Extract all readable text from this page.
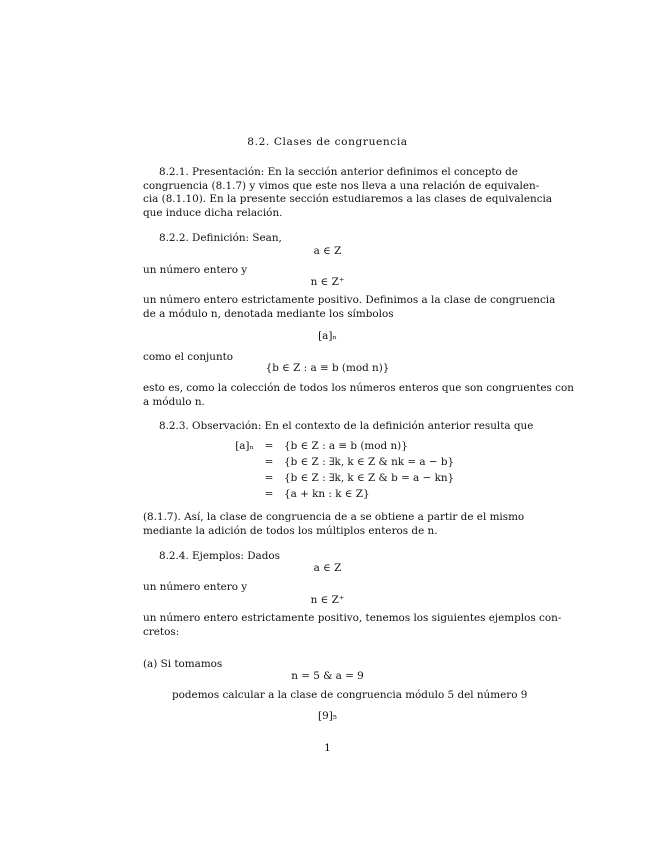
8.2. Clases de congruencia
8.2.1. Presentación: En la sección anterior definimos el concepto de
congruencia (8.1.7) y vimos que este nos lleva a una relación de equivalen-
cia (8.1.10). En la presente sección estudiaremos a las clases de equivalencia
que induce dicha relación.
8.2.2. Definición: Sean,
a ∈ Z
un número entero y
n ∈ Z⁺
un número entero estrictamente positivo. Definimos a la clase de congruencia
de a módulo n, denotada mediante los símbolos
[a]ₙ
como el conjunto
{b ∈ Z : a ≡ b (mod n)}
esto es, como la colección de todos los números enteros que son congruentes con
a módulo n.
8.2.3. Observación: En el contexto de la definición anterior resulta que
[a]ₙ	=	{b ∈ Z : a ≡ b (mod n)}
	=	{b ∈ Z : ∃k, k ∈ Z & nk = a − b}
	=	{b ∈ Z : ∃k, k ∈ Z & b = a − kn}
	=	{a + kn : k ∈ Z}
(8.1.7). Así, la clase de congruencia de a se obtiene a partir de el mismo
mediante la adición de todos los múltiplos enteros de n.
8.2.4. Ejemplos: Dados
a ∈ Z
un número entero y
n ∈ Z⁺
un número entero estrictamente positivo, tenemos los siguientes ejemplos con-
cretos:
(a) Si tomamos
n = 5 & a = 9
podemos calcular a la clase de congruencia módulo 5 del número 9
[9]₅
1
